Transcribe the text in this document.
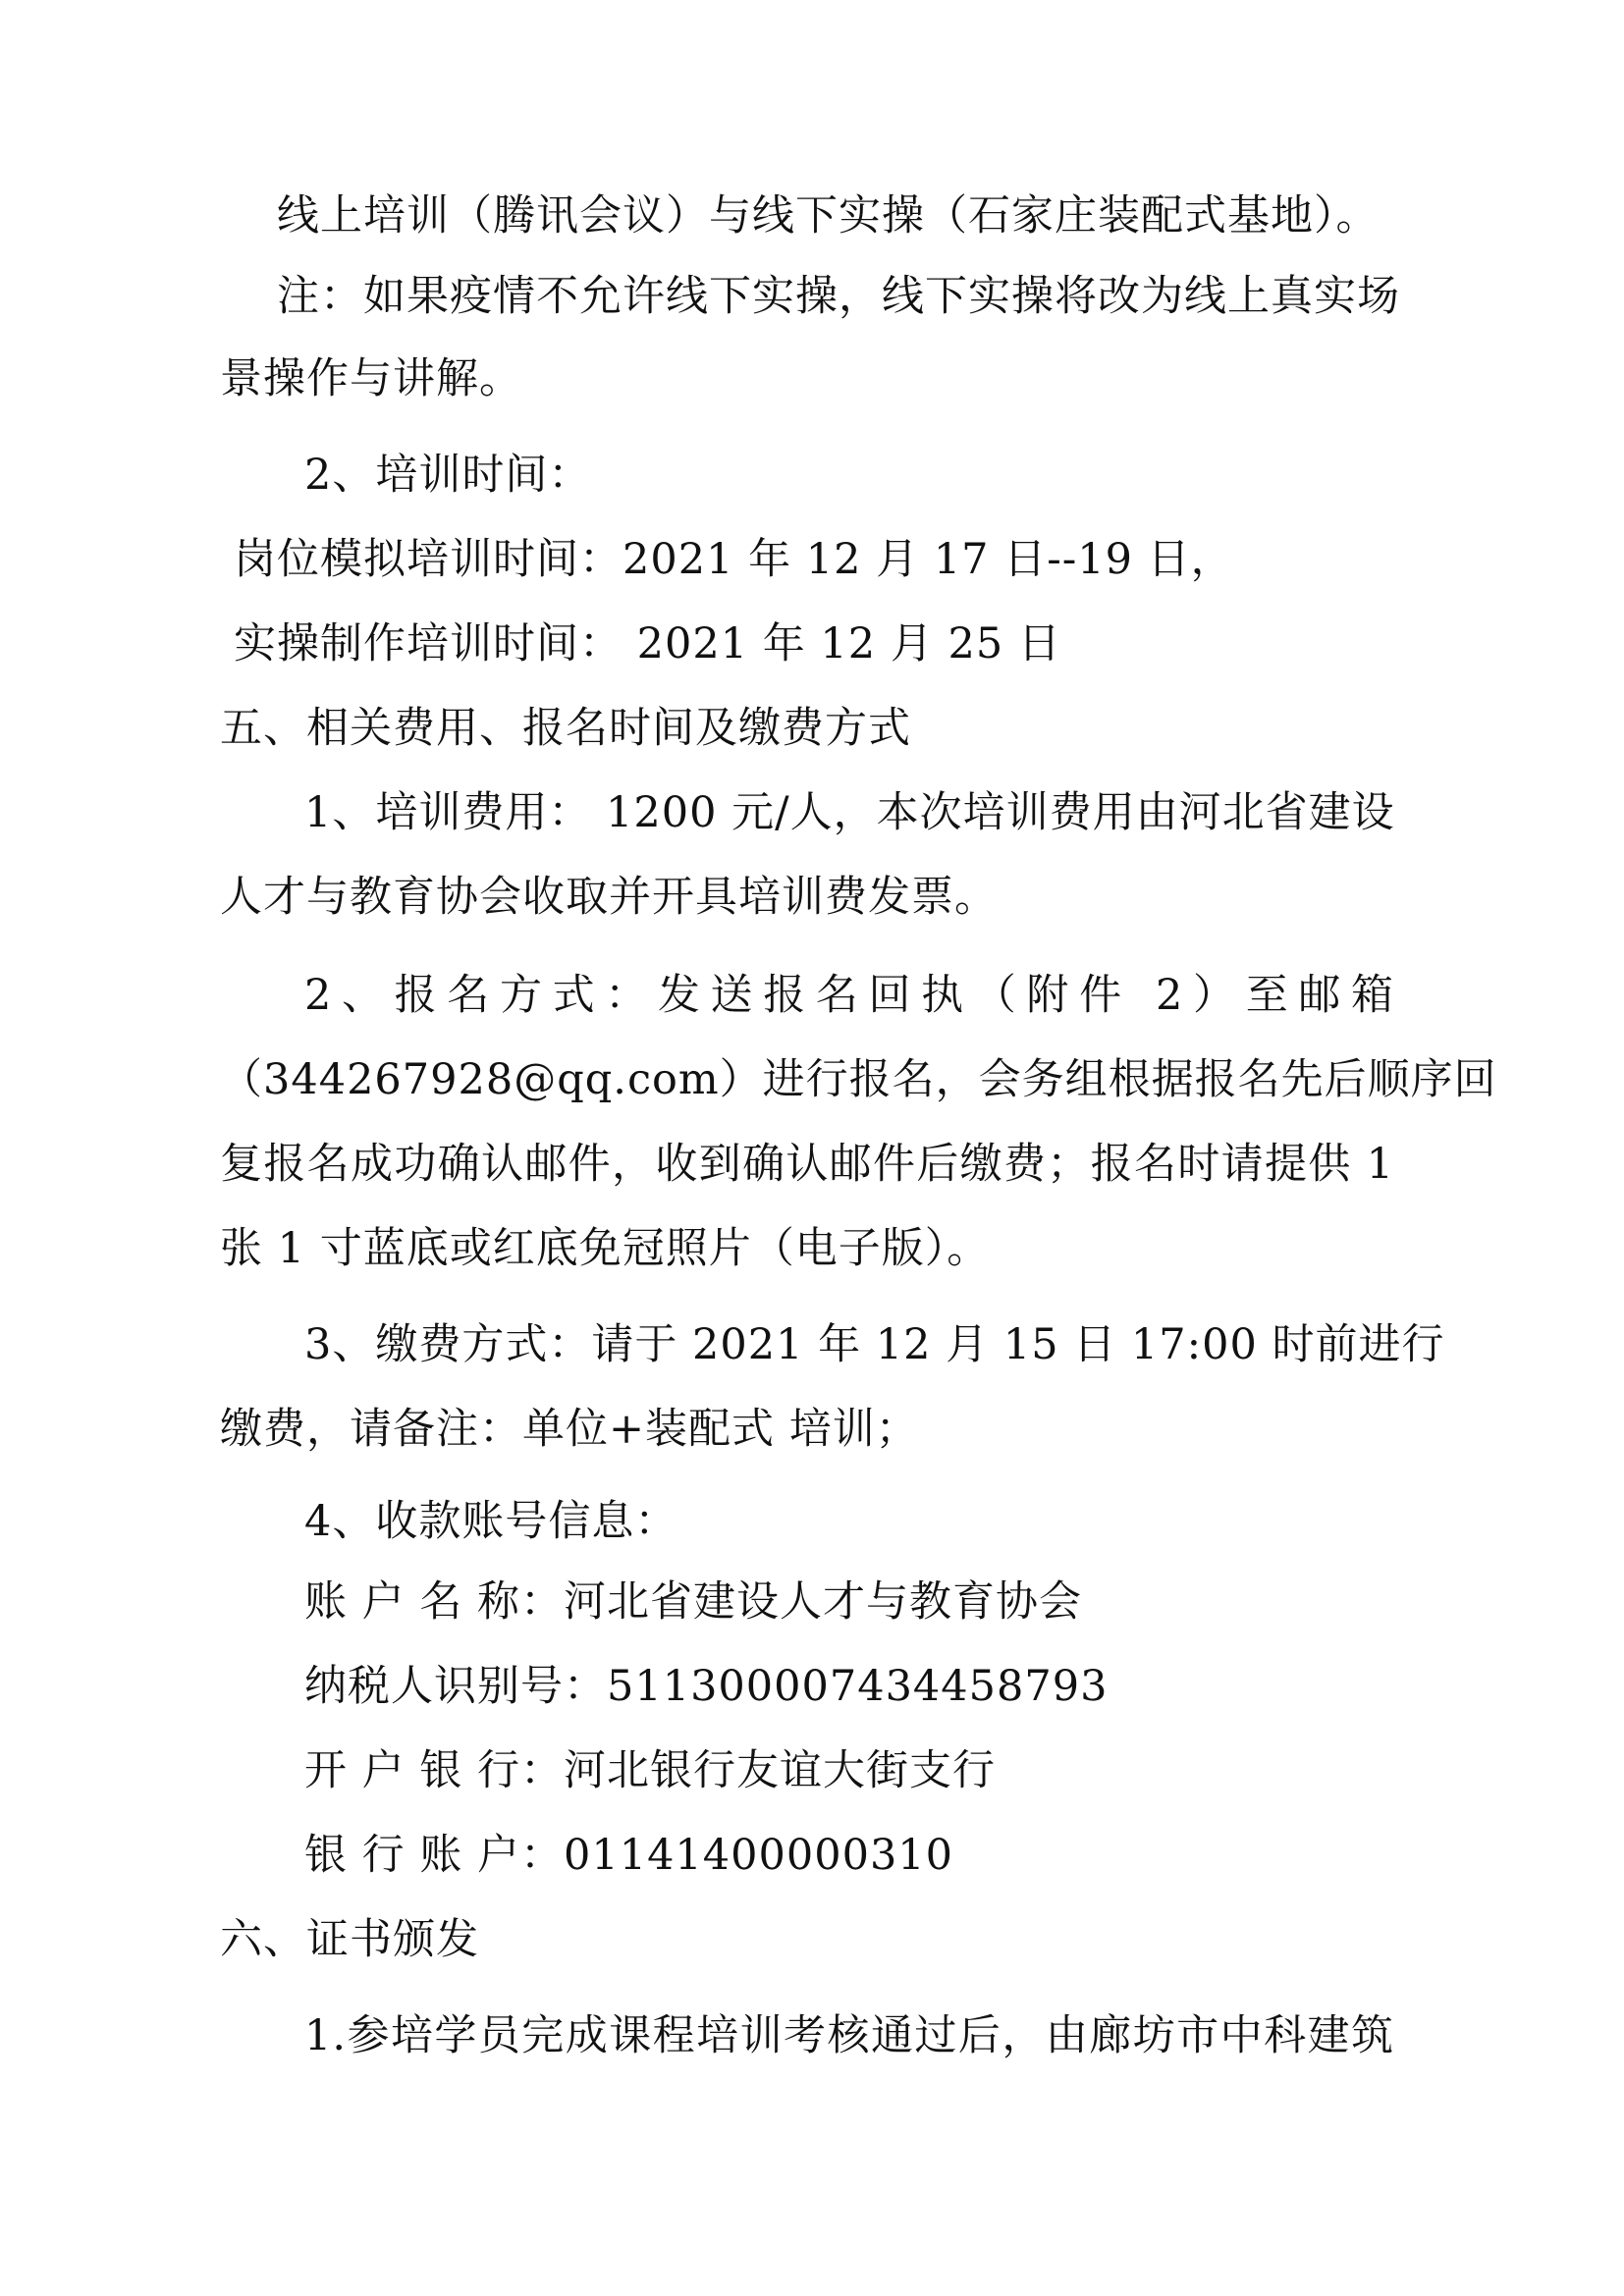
线上培训（腾讯会议）与线下实操（石家庄装配式基地）。
注：如果疫情不允许线下实操，线下实操将改为线上真实场
景操作与讲解。
2、培训时间：
岗位模拟培训时间：2021 年 12 月 17 日--19 日，
实操制作培训时间： 2021 年 12 月 25 日
五、相关费用、报名时间及缴费方式
1、培训费用： 1200 元/人，本次培训费用由河北省建设
人才与教育协会收取并开具培训费发票。
2、报名方式：发送报名回执（附件 2）至邮箱
（344267928@qq.com）进行报名，会务组根据报名先后顺序回
复报名成功确认邮件，收到确认邮件后缴费；报名时请提供 1
张 1 寸蓝底或红底免冠照片（电子版）。
3、缴费方式：请于 2021 年 12 月 15 日 17:00 时前进行
缴费，请备注：单位+装配式 培训；
4、收款账号信息：
账 户 名 称：河北省建设人才与教育协会
纳税人识别号：511300007434458793
开 户 银 行：河北银行友谊大街支行
银 行 账 户：01141400000310
六、证书颁发
1.参培学员完成课程培训考核通过后，由廊坊市中科建筑
